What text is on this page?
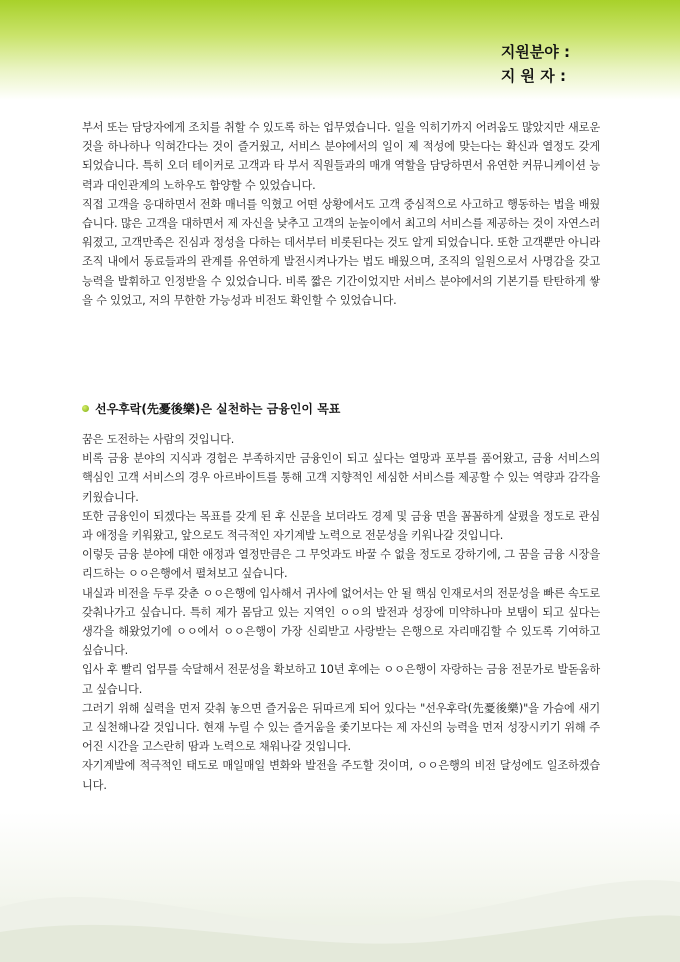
지원분야 :
지 원 자 :

부서 또는 담당자에게 조치를 취할 수 있도록 하는 업무였습니다. 일을 익히기까지 어려움도 많았지만 새로운 것을 하나하나 익혀간다는 것이 즐거웠고, 서비스 분야에서의 일이 제 적성에 맞는다는 확신과 열정도 갖게 되었습니다. 특히 오더 테이커로 고객과 타 부서 직원들과의 매개 역할을 담당하면서 유연한 커뮤니케이션 능력과 대인관계의 노하우도 함양할 수 있었습니다.

직접 고객을 응대하면서 전화 매너를 익혔고 어떤 상황에서도 고객 중심적으로 사고하고 행동하는 법을 배웠습니다. 많은 고객을 대하면서 제 자신을 낮추고 고객의 눈높이에서 최고의 서비스를 제공하는 것이 자연스러워졌고, 고객만족은 진심과 정성을 다하는 데서부터 비롯된다는 것도 알게 되었습니다. 또한 고객뿐만 아니라 조직 내에서 동료들과의 관계를 유연하게 발전시켜나가는 법도 배웠으며, 조직의 일원으로서 사명감을 갖고 능력을 발휘하고 인정받을 수 있었습니다. 비록 짧은 기간이었지만 서비스 분야에서의 기본기를 탄탄하게 쌓을 수 있었고, 저의 무한한 가능성과 비전도 확인할 수 있었습니다.

선우후락(先憂後樂)은 실천하는 금융인이 목표

꿈은 도전하는 사람의 것입니다.

비록 금융 분야의 지식과 경험은 부족하지만 금융인이 되고 싶다는 열망과 포부를 품어왔고, 금융 서비스의 핵심인 고객 서비스의 경우 아르바이트를 통해 고객 지향적인 세심한 서비스를 제공할 수 있는 역량과 감각을 키웠습니다.

또한 금융인이 되겠다는 목표를 갖게 된 후 신문을 보더라도 경제 및 금융 면을 꼼꼼하게 살폈을 정도로 관심과 애정을 키워왔고, 앞으로도 적극적인 자기계발 노력으로 전문성을 키워나갈 것입니다.

이렇듯 금융 분야에 대한 애정과 열정만큼은 그 무엇과도 바꿀 수 없을 정도로 강하기에, 그 꿈을 금융 시장을 리드하는 ㅇㅇ은행에서 펼쳐보고 싶습니다.

내실과 비전을 두루 갖춘 ㅇㅇ은행에 입사해서 귀사에 없어서는 안 될 핵심 인재로서의 전문성을 빠른 속도로 갖춰나가고 싶습니다. 특히 제가 몸담고 있는 지역인 ㅇㅇ의 발전과 성장에 미약하나마 보탬이 되고 싶다는 생각을 해왔었기에 ㅇㅇ에서 ㅇㅇ은행이 가장 신뢰받고 사랑받는 은행으로 자리매김할 수 있도록 기여하고 싶습니다.

입사 후 빨리 업무를 숙달해서 전문성을 확보하고 10년 후에는 ㅇㅇ은행이 자랑하는 금융 전문가로 발돋움하고 싶습니다.

그러기 위해 실력을 먼저 갖춰 놓으면 즐거움은 뒤따르게 되어 있다는 "선우후락(先憂後樂)"을 가슴에 새기고 실천해나갈 것입니다. 현재 누릴 수 있는 즐거움을 좇기보다는 제 자신의 능력을 먼저 성장시키기 위해 주어진 시간을 고스란히 땀과 노력으로 채워나갈 것입니다.

자기계발에 적극적인 태도로 매일매일 변화와 발전을 주도할 것이며, ㅇㅇ은행의 비전 달성에도 일조하겠습니다.
